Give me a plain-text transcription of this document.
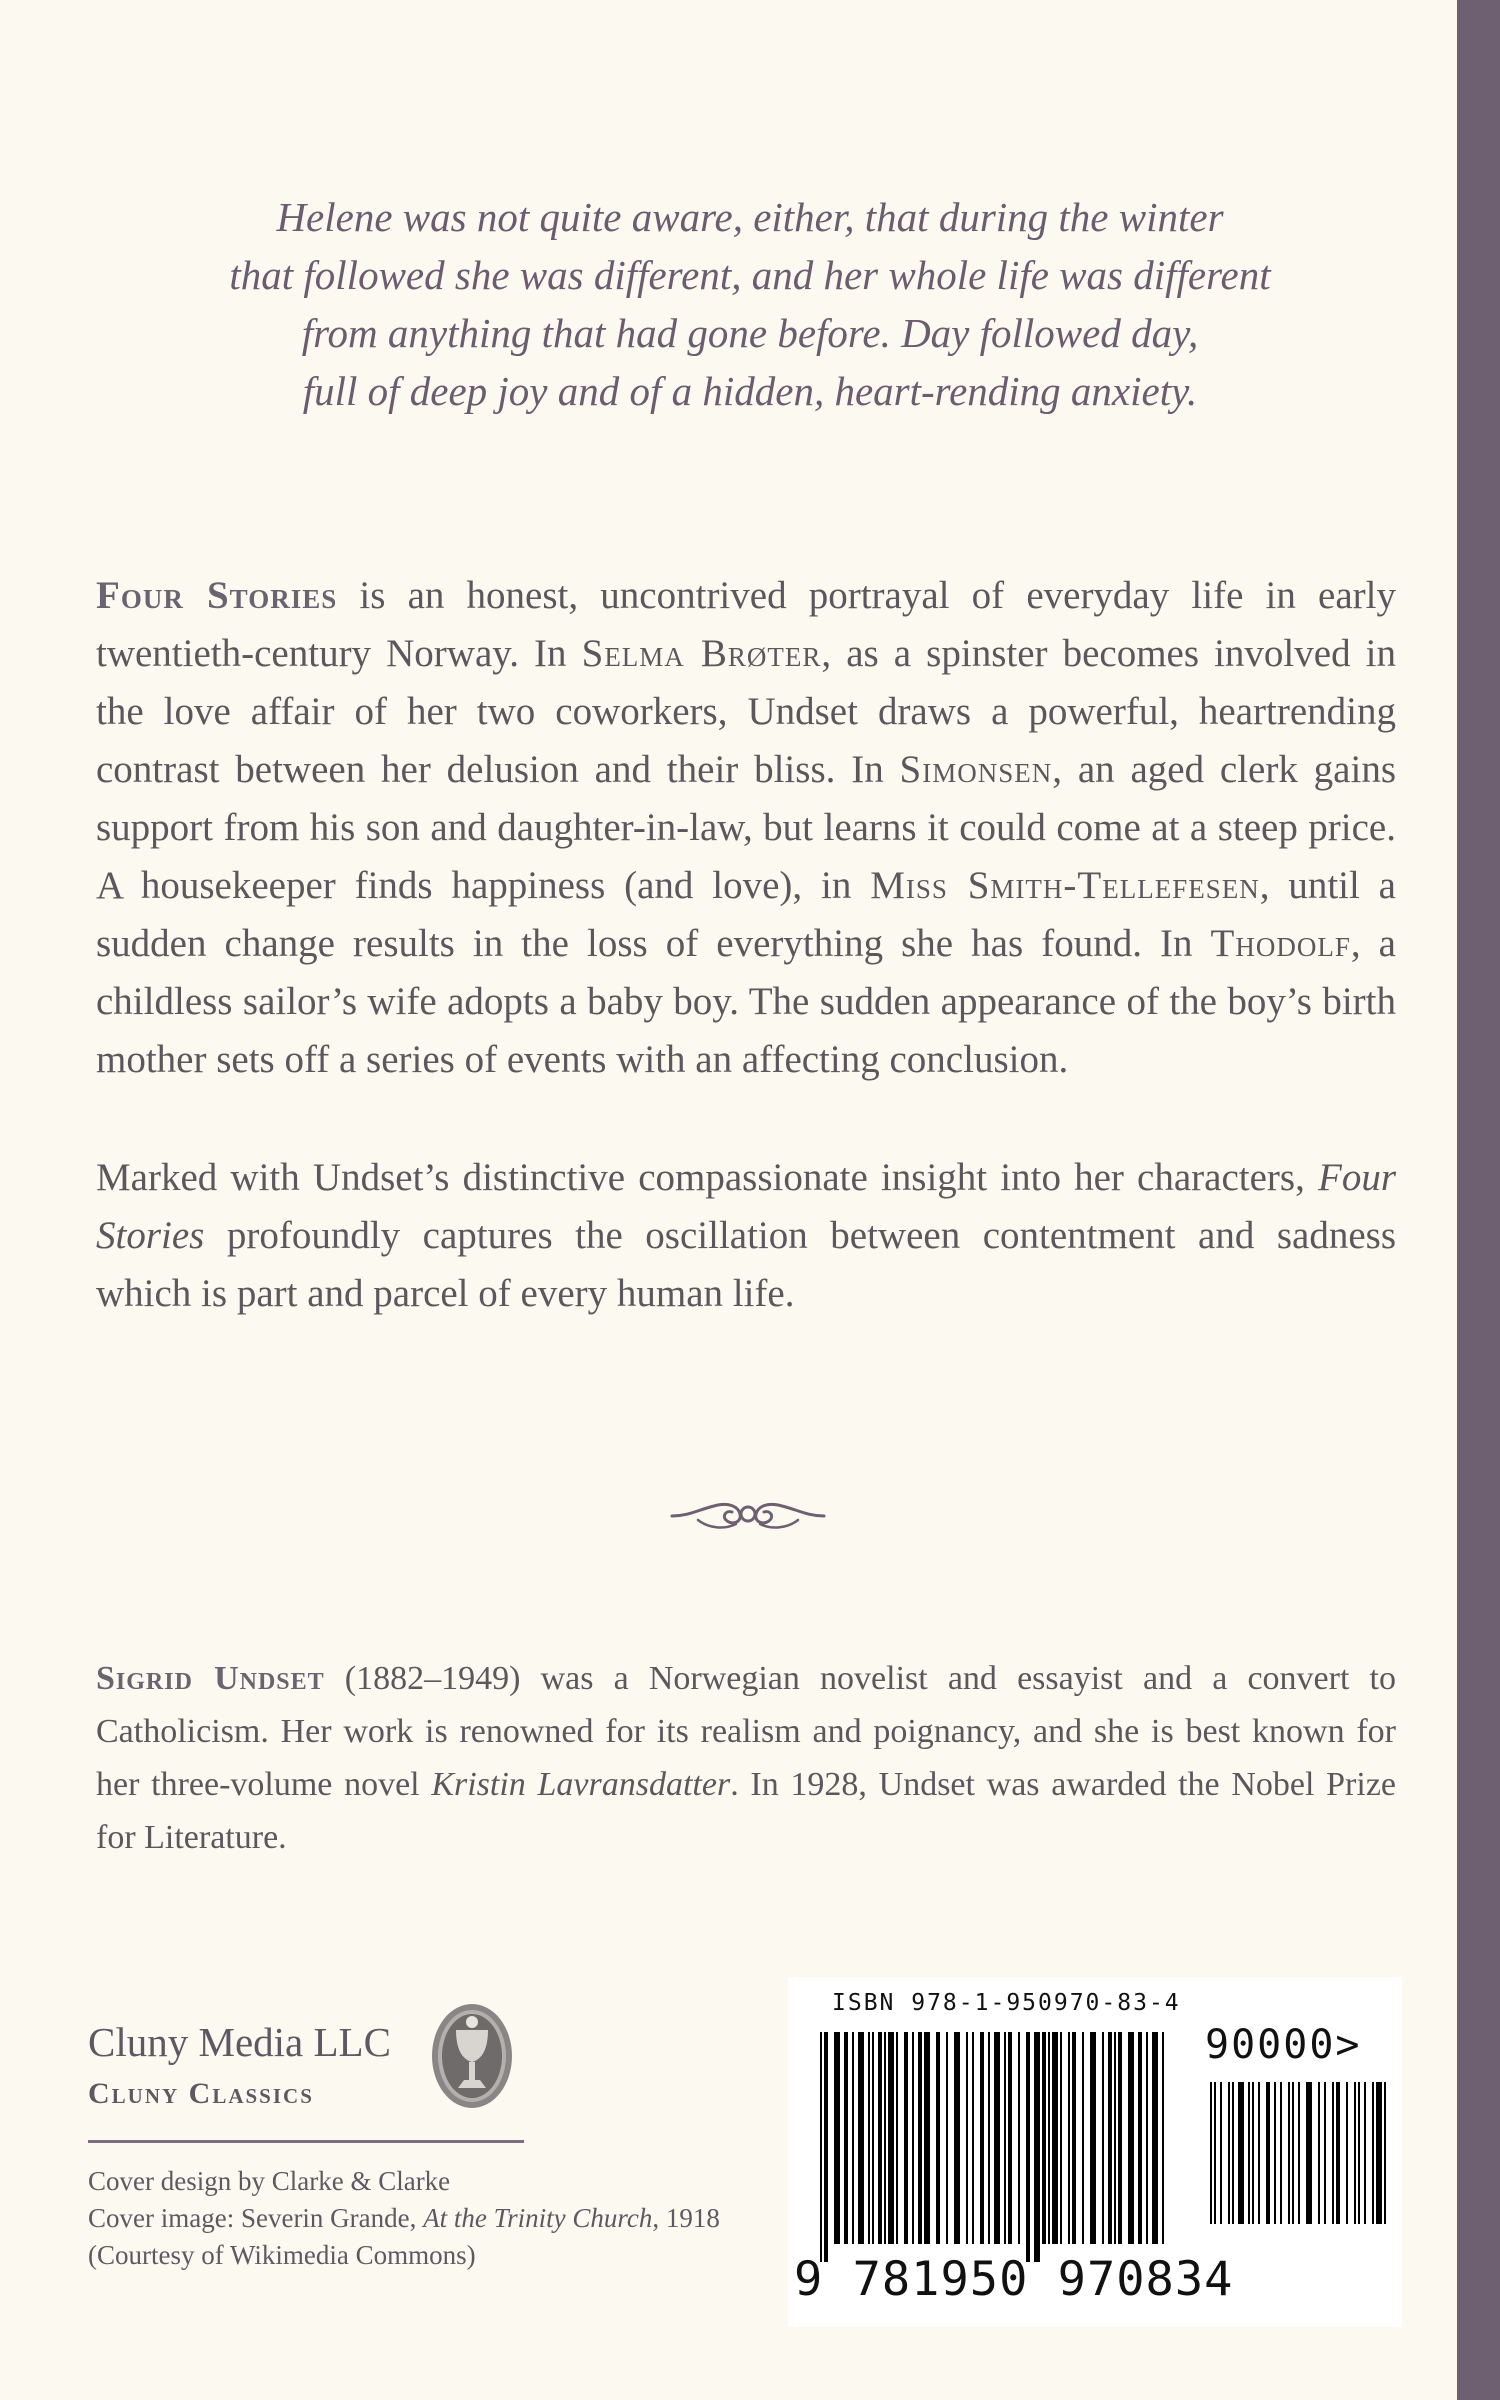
Helene was not quite aware, either, that during the winter
that followed she was different, and her whole life was different
from anything that had gone before. Day followed day,
full of deep joy and of a hidden, heart-rending anxiety.
Four Stories is an honest, uncontrived portrayal of everyday life in early twentieth-century Norway. In Selma Brøter, as a spinster becomes involved in the love affair of her two coworkers, Undset draws a powerful, heartrending contrast between her delusion and their bliss. In Simonsen, an aged clerk gains support from his son and daughter-in-law, but learns it could come at a steep price. A housekeeper finds happiness (and love), in Miss Smith-Tellefesen, until a sudden change results in the loss of everything she has found. In Thodolf, a childless sailor’s wife adopts a baby boy. The sudden appearance of the boy’s birth mother sets off a series of events with an affecting conclusion.
Marked with Undset’s distinctive compassionate insight into her characters, Four Stories profoundly captures the oscillation between contentment and sadness which is part and parcel of every human life.
Sigrid Undset (1882–1949) was a Norwegian novelist and essayist and a convert to Catholicism. Her work is renowned for its realism and poignancy, and she is best known for her three-volume novel Kristin Lavransdatter. In 1928, Undset was awarded the Nobel Prize for Literature.
Cluny Media LLC
Cluny Classics
Cover design by Clarke & Clarke
Cover image: Severin Grande, At the Trinity Church, 1918
(Courtesy of Wikimedia Commons)
ISBN 978-1-950970-83-4
90000>
9 781950 970834
